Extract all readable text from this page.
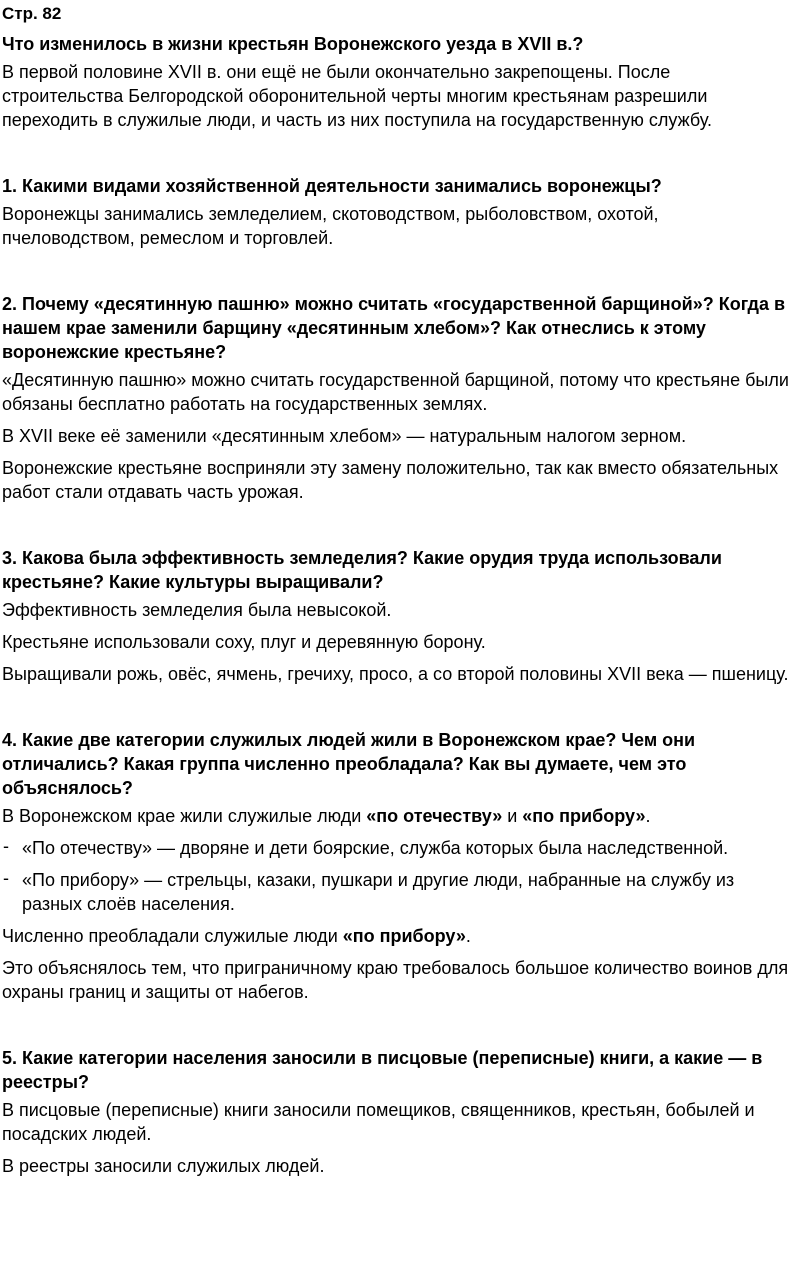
Стр. 82
Что изменилось в жизни крестьян Воронежского уезда в XVII в.?
В первой половине XVII в. они ещё не были окончательно закрепощены. После строительства Белгородской оборонительной черты многим крестьянам разрешили переходить в служилые люди, и часть из них поступила на государственную службу.
1. Какими видами хозяйственной деятельности занимались воронежцы?
Воронежцы занимались земледелием, скотоводством, рыболовством, охотой, пчеловодством, ремеслом и торговлей.
2. Почему «десятинную пашню» можно считать «государственной барщиной»? Когда в нашем крае заменили барщину «десятинным хлебом»? Как отнеслись к этому воронежские крестьяне?
«Десятинную пашню» можно считать государственной барщиной, потому что крестьяне были обязаны бесплатно работать на государственных землях.
В XVII веке её заменили «десятинным хлебом» — натуральным налогом зерном.
Воронежские крестьяне восприняли эту замену положительно, так как вместо обязательных работ стали отдавать часть урожая.
3. Какова была эффективность земледелия? Какие орудия труда использовали крестьяне? Какие культуры выращивали?
Эффективность земледелия была невысокой.
Крестьяне использовали соху, плуг и деревянную борону.
Выращивали рожь, овёс, ячмень, гречиху, просо, а со второй половины XVII века — пшеницу.
4. Какие две категории служилых людей жили в Воронежском крае? Чем они отличались? Какая группа численно преобладала? Как вы думаете, чем это объяснялось?
В Воронежском крае жили служилые люди «по отечеству» и «по прибору».
- «По отечеству» — дворяне и дети боярские, служба которых была наследственной.
- «По прибору» — стрельцы, казаки, пушкари и другие люди, набранные на службу из разных слоёв населения.
Численно преобладали служилые люди «по прибору».
Это объяснялось тем, что приграничному краю требовалось большое количество воинов для охраны границ и защиты от набегов.
5. Какие категории населения заносили в писцовые (переписные) книги, а какие — в реестры?
В писцовые (переписные) книги заносили помещиков, священников, крестьян, бобылей и посадских людей.
В реестры заносили служилых людей.
